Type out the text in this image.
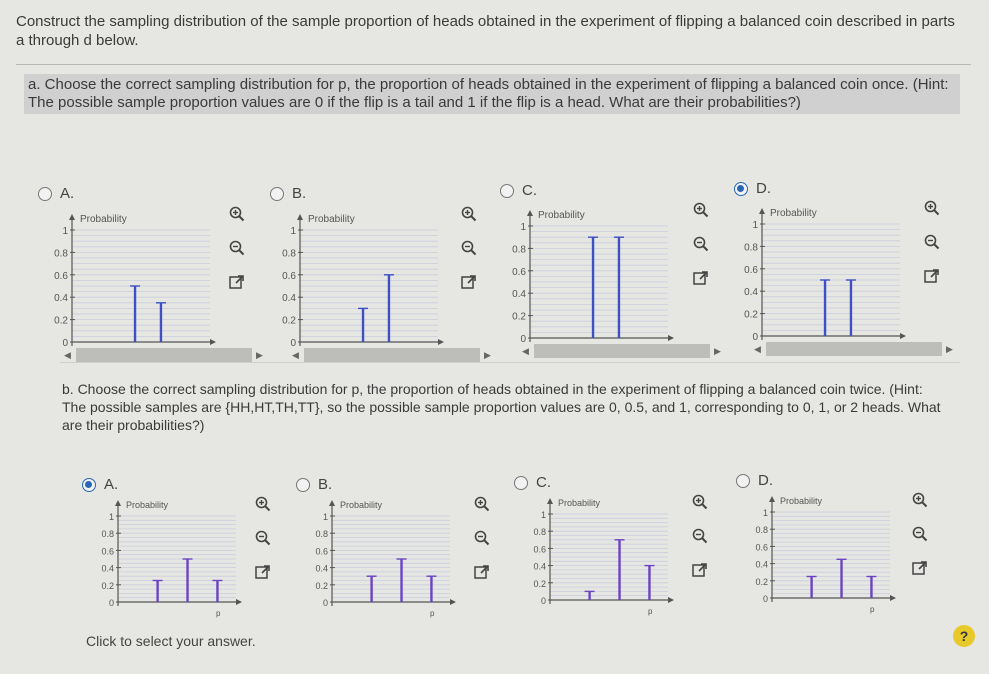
Construct the sampling distribution of the sample proportion of heads obtained in the experiment of flipping a balanced coin described in parts a through d below.
a. Choose the correct sampling distribution for p, the proportion of heads obtained in the experiment of flipping a balanced coin once. (Hint: The possible sample proportion values are 0 if the flip is a tail and 1 if the flip is a head. What are their probabilities?)
b. Choose the correct sampling distribution for p, the proportion of heads obtained in the experiment of flipping a balanced coin twice. (Hint: The possible samples are {HH,HT,TH,TT}, so the possible sample proportion values are 0, 0.5, and 1, corresponding to 0, 1, or 2 heads. What are their probabilities?)
A.
Probability
1
0.8
0.6
0.4
0.2
0
◀	▶
B.
Probability
1
0.8
0.6
0.4
0.2
0
◀	▶
C.
Probability
1
0.8
0.6
0.4
0.2
0
◀	▶
D.
Probability
1
0.8
0.6
0.4
0.2
0
◀	▶
A.
Probability
p
1
0.8
0.6
0.4
0.2
0
B.
Probability
p
1
0.8
0.6
0.4
0.2
0
C.
Probability
p
1
0.8
0.6
0.4
0.2
0
D.
Probability
p
1
0.8
0.6
0.4
0.2
0
Click to select your answer.	?
